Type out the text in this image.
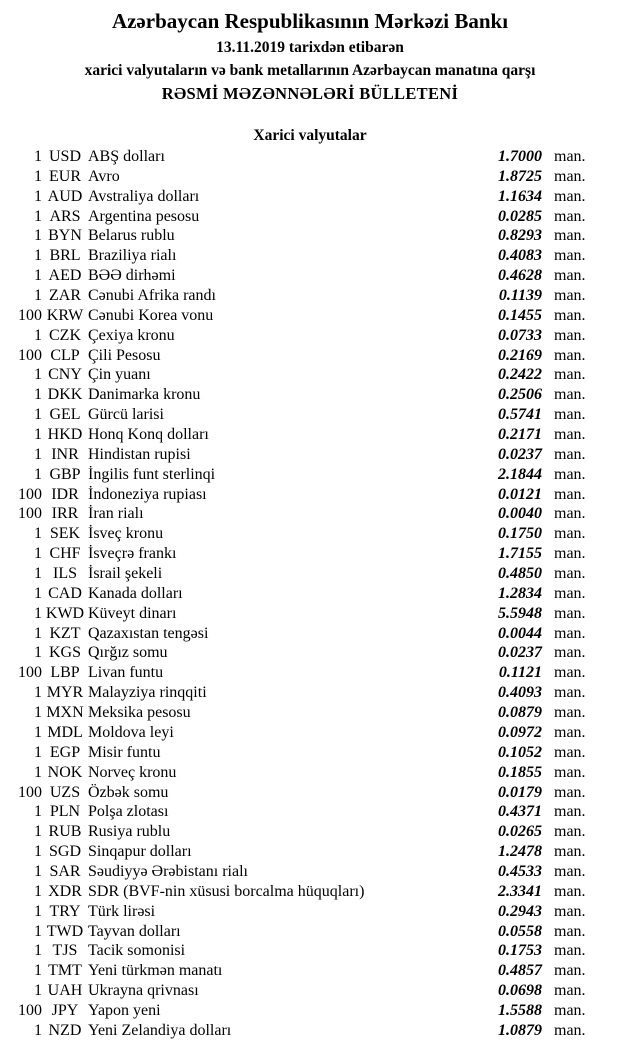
Azərbaycan Respublikasının Mərkəzi Bankı
13.11.2019 tarixdən etibarən
xarici valyutaların və bank metallarının Azərbaycan manatına qarşı
RƏSMİ MƏZƏNNƏLƏRİ BÜLLETENİ
Xarici valyutalar
1 USD ABŞ dolları	1.7000 man.
1 EUR Avro	1.8725 man.
1 AUD Avstraliya dolları	1.1634 man.
1 ARS Argentina pesosu	0.0285 man.
1 BYN Belarus rublu	0.8293 man.
1 BRL Braziliya rialı	0.4083 man.
1 AED BƏƏ dirhəmi	0.4628 man.
1 ZAR Cənubi Afrika randı	0.1139 man.
100 KRW Cənubi Korea vonu	0.1455 man.
1 CZK Çexiya kronu	0.0733 man.
100 CLP Çili Pesosu	0.2169 man.
1 CNY Çin yuanı	0.2422 man.
1 DKK Danimarka kronu	0.2506 man.
1 GEL Gürcü larisi	0.5741 man.
1 HKD Honq Konq dolları	0.2171 man.
1 INR Hindistan rupisi	0.0237 man.
1 GBP İngilis funt sterlinqi	2.1844 man.
100 IDR İndoneziya rupiası	0.0121 man.
100 IRR İran rialı	0.0040 man.
1 SEK İsveç kronu	0.1750 man.
1 CHF İsveçrə frankı	1.7155 man.
1 ILS İsrail şekeli	0.4850 man.
1 CAD Kanada dolları	1.2834 man.
1 KWD Küveyt dinarı	5.5948 man.
1 KZT Qazaxıstan tengəsi	0.0044 man.
1 KGS Qırğız somu	0.0237 man.
100 LBP Livan funtu	0.1121 man.
1 MYR Malayziya rinqqiti	0.4093 man.
1 MXN Meksika pesosu	0.0879 man.
1 MDL Moldova leyi	0.0972 man.
1 EGP Misir funtu	0.1052 man.
1 NOK Norveç kronu	0.1855 man.
100 UZS Özbək somu	0.0179 man.
1 PLN Polşa zlotası	0.4371 man.
1 RUB Rusiya rublu	0.0265 man.
1 SGD Sinqapur dolları	1.2478 man.
1 SAR Səudiyyə Ərəbistanı rialı	0.4533 man.
1 XDR SDR (BVF-nin xüsusi borcalma hüquqları)	2.3341 man.
1 TRY Türk lirəsi	0.2943 man.
1 TWD Tayvan dolları	0.0558 man.
1 TJS Tacik somonisi	0.1753 man.
1 TMT Yeni türkmən manatı	0.4857 man.
1 UAH Ukrayna qrivnası	0.0698 man.
100 JPY Yapon yeni	1.5588 man.
1 NZD Yeni Zelandiya dolları	1.0879 man.
